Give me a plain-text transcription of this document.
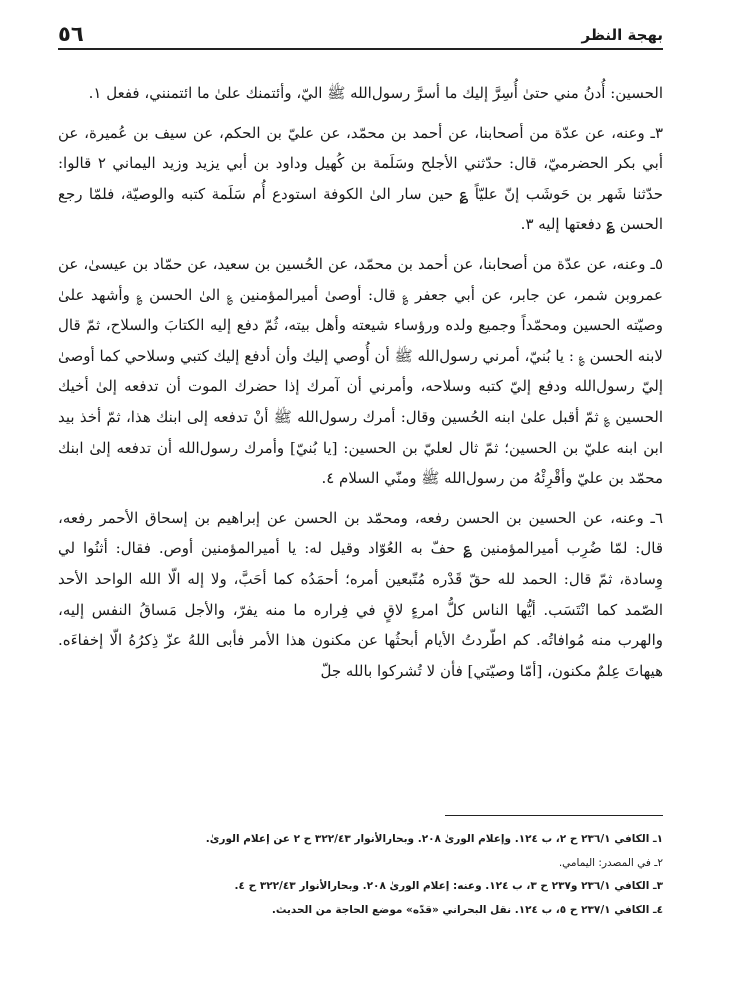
٥٦	بهجة النظر

الحسين: أُدنُ مني حتىٰ أُسِرَّ إليك ما أسرَّ رسول‌الله ﷺ اليّ، وأئتمنك علىٰ ما ائتمنني، ففعل ١.

٣ـ وعنه، عن عدّة من أصحابنا، عن أحمد بن محمّد، عن عليّ بن الحكم، عن سيف بن عُميرة، عن أبي بكر الحضرميّ، قال: حدّثني الأجلح وسَلَمة بن كُهيل وداود بن أبي يزيد وزيد اليماني ٢ قالوا: حدّثنا شَهر بن حَوشَب إنّ عليّاً ؏ حين سار الىٰ الكوفة استودع أُم سَلَمة كتبه والوصيّة، فلمّا رجع الحسن ؏ دفعتها إليه ٣.

٥ـ وعنه، عن عدّة من أصحابنا، عن أحمد بن محمّد، عن الحُسين بن سعيد، عن حمّاد بن عيسىٰ، عن عمروبن شمر، عن جابر، عن أبي جعفر ؏ قال: أوصىٰ أميرالمؤمنين ؏ الىٰ الحسن ؏ وأشهد علىٰ وصيّته الحسين ومحمّداً وجميع ولده ورؤساء شيعته وأهل بيته، ثُمّ دفع إليه الكتابَ والسلاح، ثمّ قال لابنه الحسن ؏ : يا بُنيّ، أمرني رسول‌الله ﷺ أن أُوصي إليك وأن أدفع إليك كتبي وسلاحي كما أوصىٰ إليّ رسول‌الله ودفع إليّ كتبه وسلاحه، وأمرني أن آمرك إذا حضرك الموت أن تدفعه إلىٰ أخيك الحسين ؏ ثمّ أقبل علىٰ ابنه الحُسين وقال: أمرك رسول‌الله ﷺ أنْ تدفعه إلى ابنك هذا، ثمّ أخذ بيد ابن ابنه عليّ بن الحسين؛ ثمّ ثال لعليّ بن الحسين: [يا بُنيّ] وأمرك رسول‌الله أن تدفعه إلىٰ ابنك محمّد بن عليّ وأقْرِئْهُ من رسول‌الله ﷺ ومنّي السلام ٤.

٦ـ وعنه، عن الحسين بن الحسن رفعه، ومحمّد بن الحسن عن إبراهيم بن إسحاق الأحمر رفعه، قال: لمّا ضُرِب أميرالمؤمنين ؏ حفّ به العُوّاد وقيل له: يا أميرالمؤمنين أوص. فقال: أثنُوا لي وِسادة، ثمّ قال: الحمد لله حقّ قَدْره مُتّبعين أمره؛ أحمَدُه كما أحَبَّ، ولا إله الّا الله الواحد الأحد الصّمد كما انْتَسَب. أيُّها الناس كلُّ امرءٍ لاقٍ في فِراره ما منه يفرّ، والأجل مَساقُ النفس إليه، والهرب منه مُوافاتُه. كم اطّردتُ الأيام أبحثُها عن مكنون هذا الأمر فأبى اللهُ عزّ ذِكرُهُ الّا إخفاءَه. هيهاتَ عِلمٌ مكنون، [أمّا وصيّتي] فأن لا تُشركوا بالله جلّ

١ـ الكافي ٢٣٦/١ ح ٢، ب ١٢٤. وإعلام الورىٰ ٢٠٨. وبحارالأنوار ٣٢٢/٤٣ ح ٢ عن إعلام الورىٰ.
٢ـ في المصدر: اليمامي.
٣ـ الكافي ٢٣٦/١ و٢٣٧ ح ٣، ب ١٢٤. وعنه: إعلام الورىٰ ٢٠٨. وبحارالأنوار ٣٢٢/٤٣ ح ٤.
٤ـ الكافي ٢٣٧/١ ح ٥، ب ١٢٤. نقل البحراني «قدّه» موضع الحاجة من الحديث.
